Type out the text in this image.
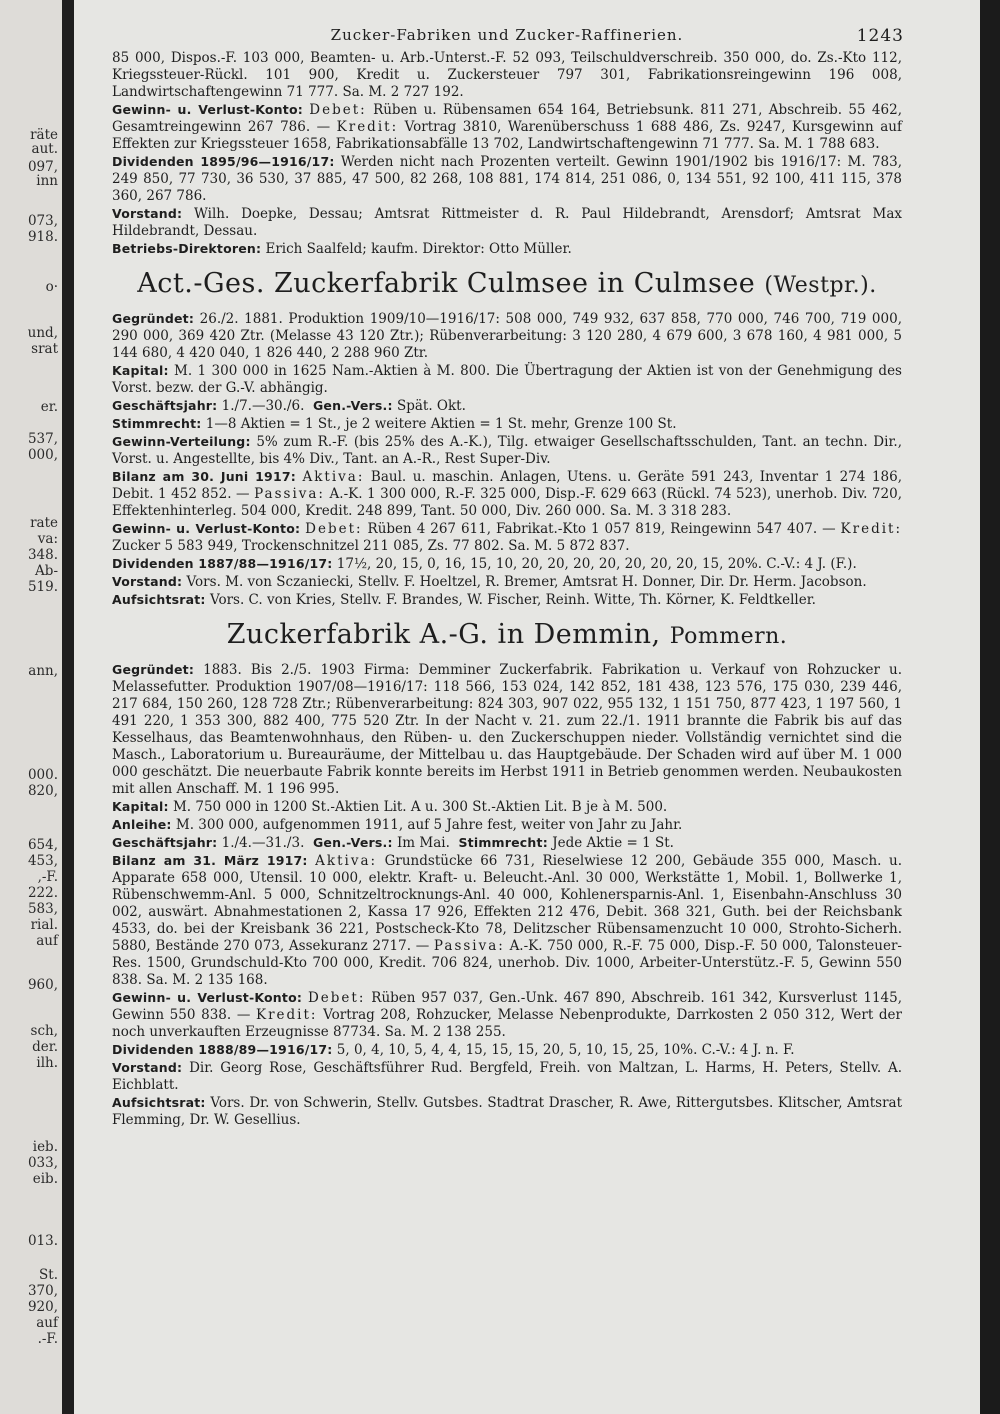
räte
aut.
097,
inn
073,
918.
o·
und,
srat
er.
537,
000,
rate
va:
348.
Ab-
519.
ann,
000.
820,
654,
453,
,-F.
222.
583,
rial.
auf
960,
sch,
der.
ilh.
ieb.
033,
eib.
013.
St.
370,
920,
auf
.-F.
Zucker-Fabriken und Zucker-Raffinerien.	1243

85 000, Dispos.-F. 103 000, Beamten- u. Arb.-Unterst.-F. 52 093, Teilschuldverschreib. 350 000, do. Zs.-Kto 112, Kriegssteuer-Rückl. 101 900, Kredit u. Zuckersteuer 797 301, Fabrikationsreingewinn 196 008, Landwirtschaftengewinn 71 777. Sa. M. 2 727 192.

Gewinn- u. Verlust-Konto: Debet: Rüben u. Rübensamen 654 164, Betriebsunk. 811 271, Abschreib. 55 462, Gesamtreingewinn 267 786. — Kredit: Vortrag 3810, Warenüberschuss 1 688 486, Zs. 9247, Kursgewinn auf Effekten zur Kriegssteuer 1658, Fabrikationsabfälle 13 702, Landwirtschaftengewinn 71 777. Sa. M. 1 788 683.

Dividenden 1895/96—1916/17: Werden nicht nach Prozenten verteilt. Gewinn 1901/1902 bis 1916/17: M. 783, 249 850, 77 730, 36 530, 37 885, 47 500, 82 268, 108 881, 174 814, 251 086, 0, 134 551, 92 100, 411 115, 378 360, 267 786.

Vorstand: Wilh. Doepke, Dessau; Amtsrat Rittmeister d. R. Paul Hildebrandt, Arensdorf; Amtsrat Max Hildebrandt, Dessau.

Betriebs-Direktoren: Erich Saalfeld; kaufm. Direktor: Otto Müller.

Act.-Ges. Zuckerfabrik Culmsee in Culmsee (Westpr.).

Gegründet: 26./2. 1881. Produktion 1909/10—1916/17: 508 000, 749 932, 637 858, 770 000, 746 700, 719 000, 290 000, 369 420 Ztr. (Melasse 43 120 Ztr.); Rübenverarbeitung: 3 120 280, 4 679 600, 3 678 160, 4 981 000, 5 144 680, 4 420 040, 1 826 440, 2 288 960 Ztr.

Kapital: M. 1 300 000 in 1625 Nam.-Aktien à M. 800. Die Übertragung der Aktien ist von der Genehmigung des Vorst. bezw. der G.-V. abhängig.

Geschäftsjahr: 1./7.—30./6. Gen.-Vers.: Spät. Okt.

Stimmrecht: 1—8 Aktien = 1 St., je 2 weitere Aktien = 1 St. mehr, Grenze 100 St.

Gewinn-Verteilung: 5% zum R.-F. (bis 25% des A.-K.), Tilg. etwaiger Gesellschaftsschulden, Tant. an techn. Dir., Vorst. u. Angestellte, bis 4% Div., Tant. an A.-R., Rest Super-Div.

Bilanz am 30. Juni 1917: Aktiva: Baul. u. maschin. Anlagen, Utens. u. Geräte 591 243, Inventar 1 274 186, Debit. 1 452 852. — Passiva: A.-K. 1 300 000, R.-F. 325 000, Disp.-F. 629 663 (Rückl. 74 523), unerhob. Div. 720, Effektenhinterleg. 504 000, Kredit. 248 899, Tant. 50 000, Div. 260 000. Sa. M. 3 318 283.

Gewinn- u. Verlust-Konto: Debet: Rüben 4 267 611, Fabrikat.-Kto 1 057 819, Reingewinn 547 407. — Kredit: Zucker 5 583 949, Trockenschnitzel 211 085, Zs. 77 802. Sa. M. 5 872 837.

Dividenden 1887/88—1916/17: 17½, 20, 15, 0, 16, 15, 10, 20, 20, 20, 20, 20, 20, 20, 15, 20%. C.-V.: 4 J. (F.).

Vorstand: Vors. M. von Sczaniecki, Stellv. F. Hoeltzel, R. Bremer, Amtsrat H. Donner, Dir. Dr. Herm. Jacobson.

Aufsichtsrat: Vors. C. von Kries, Stellv. F. Brandes, W. Fischer, Reinh. Witte, Th. Körner, K. Feldtkeller.

Zuckerfabrik A.-G. in Demmin, Pommern.

Gegründet: 1883. Bis 2./5. 1903 Firma: Demminer Zuckerfabrik. Fabrikation u. Verkauf von Rohzucker u. Melassefutter. Produktion 1907/08—1916/17: 118 566, 153 024, 142 852, 181 438, 123 576, 175 030, 239 446, 217 684, 150 260, 128 728 Ztr.; Rübenverarbeitung: 824 303, 907 022, 955 132, 1 151 750, 877 423, 1 197 560, 1 491 220, 1 353 300, 882 400, 775 520 Ztr. In der Nacht v. 21. zum 22./1. 1911 brannte die Fabrik bis auf das Kesselhaus, das Beamtenwohnhaus, den Rüben- u. den Zuckerschuppen nieder. Vollständig vernichtet sind die Masch., Laboratorium u. Bureauräume, der Mittelbau u. das Hauptgebäude. Der Schaden wird auf über M. 1 000 000 geschätzt. Die neuerbaute Fabrik konnte bereits im Herbst 1911 in Betrieb genommen werden. Neubaukosten mit allen Anschaff. M. 1 196 995.

Kapital: M. 750 000 in 1200 St.-Aktien Lit. A u. 300 St.-Aktien Lit. B je à M. 500.

Anleihe: M. 300 000, aufgenommen 1911, auf 5 Jahre fest, weiter von Jahr zu Jahr.

Geschäftsjahr: 1./4.—31./3. Gen.-Vers.: Im Mai. Stimmrecht: Jede Aktie = 1 St.

Bilanz am 31. März 1917: Aktiva: Grundstücke 66 731, Rieselwiese 12 200, Gebäude 355 000, Masch. u. Apparate 658 000, Utensil. 10 000, elektr. Kraft- u. Beleucht.-Anl. 30 000, Werkstätte 1, Mobil. 1, Bollwerke 1, Rübenschwemm-Anl. 5 000, Schnitzeltrocknungs-Anl. 40 000, Kohlenersparnis-Anl. 1, Eisenbahn-Anschluss 30 002, auswärt. Abnahmestationen 2, Kassa 17 926, Effekten 212 476, Debit. 368 321, Guth. bei der Reichsbank 4533, do. bei der Kreisbank 36 221, Postscheck-Kto 78, Delitzscher Rübensamenzucht 10 000, Strohto-Sicherh. 5880, Bestände 270 073, Assekuranz 2717. — Passiva: A.-K. 750 000, R.-F. 75 000, Disp.-F. 50 000, Talonsteuer-Res. 1500, Grundschuld-Kto 700 000, Kredit. 706 824, unerhob. Div. 1000, Arbeiter-Unterstütz.-F. 5, Gewinn 550 838. Sa. M. 2 135 168.

Gewinn- u. Verlust-Konto: Debet: Rüben 957 037, Gen.-Unk. 467 890, Abschreib. 161 342, Kursverlust 1145, Gewinn 550 838. — Kredit: Vortrag 208, Rohzucker, Melasse Nebenprodukte, Darrkosten 2 050 312, Wert der noch unverkauften Erzeugnisse 87734. Sa. M. 2 138 255.

Dividenden 1888/89—1916/17: 5, 0, 4, 10, 5, 4, 4, 15, 15, 15, 20, 5, 10, 15, 25, 10%. C.-V.: 4 J. n. F.

Vorstand: Dir. Georg Rose, Geschäftsführer Rud. Bergfeld, Freih. von Maltzan, L. Harms, H. Peters, Stellv. A. Eichblatt.

Aufsichtsrat: Vors. Dr. von Schwerin, Stellv. Gutsbes. Stadtrat Drascher, R. Awe, Rittergutsbes. Klitscher, Amtsrat Flemming, Dr. W. Gesellius.
